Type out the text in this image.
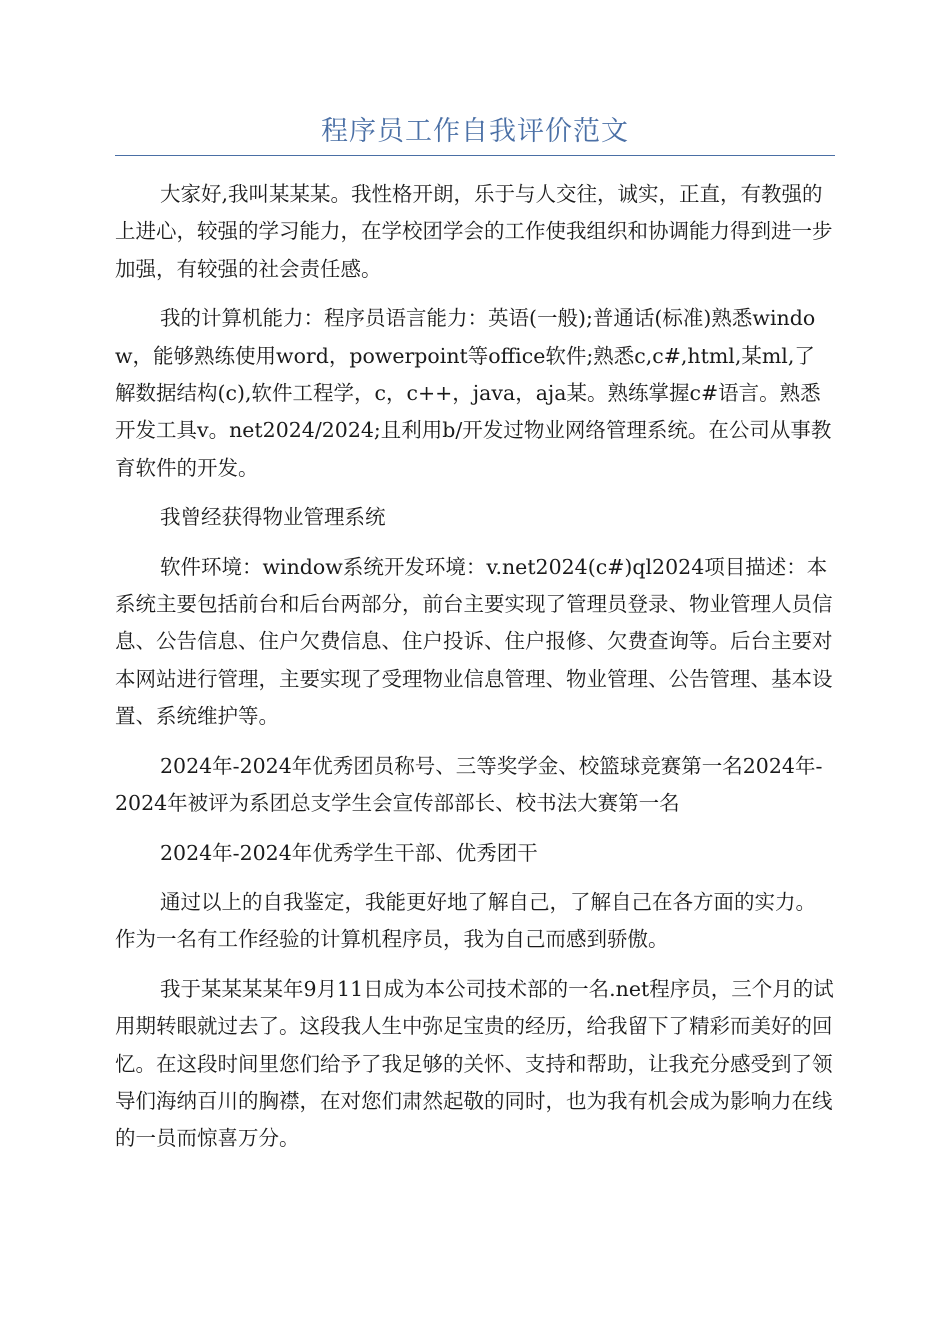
程序员工作自我评价范文

大家好,我叫某某某。我性格开朗，乐于与人交往，诚实，正直，有教强的上进心，较强的学习能力，在学校团学会的工作使我组织和协调能力得到进一步加强，有较强的社会责任感。

我的计算机能力：程序员语言能力：英语(一般);普通话(标准)熟悉window，能够熟练使用word，powerpoint等office软件;熟悉c,c#,html,某ml,了解数据结构(c),软件工程学，c，c++，java，aja某。熟练掌握c#语言。熟悉开发工具v。net2024/2024;且利用b/开发过物业网络管理系统。在公司从事教育软件的开发。

我曾经获得物业管理系统

软件环境：window系统开发环境：v.net2024(c#)ql2024项目描述：本系统主要包括前台和后台两部分，前台主要实现了管理员登录、物业管理人员信息、公告信息、住户欠费信息、住户投诉、住户报修、欠费查询等。后台主要对本网站进行管理，主要实现了受理物业信息管理、物业管理、公告管理、基本设置、系统维护等。

2024年-2024年优秀团员称号、三等奖学金、校篮球竞赛第一名2024年-2024年被评为系团总支学生会宣传部部长、校书法大赛第一名

2024年-2024年优秀学生干部、优秀团干

通过以上的自我鉴定，我能更好地了解自己，了解自己在各方面的实力。作为一名有工作经验的计算机程序员，我为自己而感到骄傲。

我于某某某某年9月11日成为本公司技术部的一名.net程序员，三个月的试用期转眼就过去了。这段我人生中弥足宝贵的经历，给我留下了精彩而美好的回忆。在这段时间里您们给予了我足够的关怀、支持和帮助，让我充分感受到了领导们海纳百川的胸襟，在对您们肃然起敬的同时，也为我有机会成为影响力在线的一员而惊喜万分。
